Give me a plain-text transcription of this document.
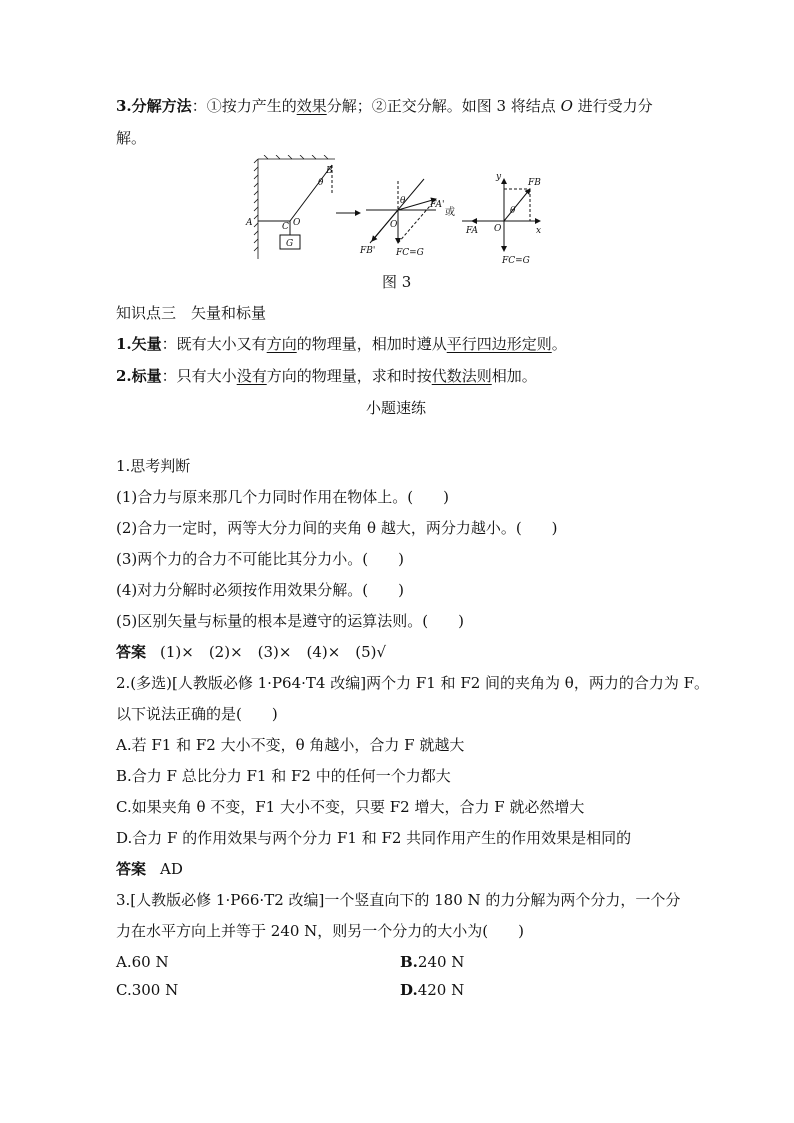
3.分解方法：①按力产生的效果分解；②正交分解。如图 3 将结点 O 进行受力分
解。
B
θ
A	C O
G
θ
O
FA'
FB' FC=G
y
x
FB
θ
O
FA
FC=G
或
图 3
知识点三　矢量和标量
1.矢量：既有大小又有方向的物理量，相加时遵从平行四边形定则。
2.标量：只有大小没有方向的物理量，求和时按代数法则相加。
小题速练
1.思考判断
(1)合力与原来那几个力同时作用在物体上。(　　)
(2)合力一定时，两等大分力间的夹角 θ 越大，两分力越小。(　　)
(3)两个力的合力不可能比其分力小。(　　)
(4)对力分解时必须按作用效果分解。(　　)
(5)区别矢量与标量的根本是遵守的运算法则。(　　)
答案 (1)×　(2)×　(3)×　(4)×　(5)√
2.(多选)[人教版必修 1·P64·T4 改编]两个力 F1 和 F2 间的夹角为 θ，两力的合力为 F。
以下说法正确的是(　　)
A.若 F1 和 F2 大小不变，θ 角越小，合力 F 就越大
B.合力 F 总比分力 F1 和 F2 中的任何一个力都大
C.如果夹角 θ 不变，F1 大小不变，只要 F2 增大，合力 F 就必然增大
D.合力 F 的作用效果与两个分力 F1 和 F2 共同作用产生的作用效果是相同的
答案 AD
3.[人教版必修 1·P66·T2 改编]一个竖直向下的 180 N 的力分解为两个分力，一个分
力在水平方向上并等于 240 N，则另一个分力的大小为(　　)
A.60 N	B.240 N
C.300 N	D.420 N
